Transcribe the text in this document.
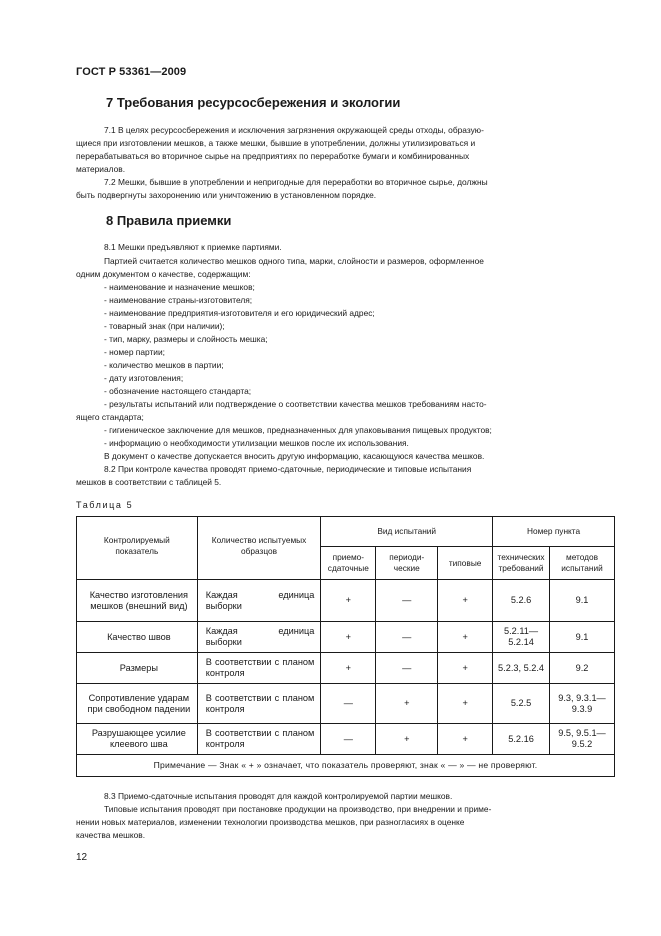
ГОСТ Р 53361—2009
7 Требования ресурсосбережения и экологии
7.1 В целях ресурсосбережения и исключения загрязнения окружающей среды отходы, образую-
щиеся при изготовлении мешков, а также мешки, бывшие в употреблении, должны утилизироваться и
перерабатываться во вторичное сырье на предприятиях по переработке бумаги и комбинированных
материалов.
7.2 Мешки, бывшие в употреблении и непригодные для переработки во вторичное сырье, должны
быть подвергнуты захоронению или уничтожению в установленном порядке.
8 Правила приемки
8.1 Мешки предъявляют к приемке партиями.
Партией считается количество мешков одного типа, марки, слойности и размеров, оформленное
одним документом о качестве, содержащим:
- наименование и назначение мешков;
- наименование страны-изготовителя;
- наименование предприятия-изготовителя и его юридический адрес;
- товарный знак (при наличии);
- тип, марку, размеры и слойность мешка;
- номер партии;
- количество мешков в партии;
- дату изготовления;
- обозначение настоящего стандарта;
- результаты испытаний или подтверждение о соответствии качества мешков требованиям насто-
ящего стандарта;
- гигиеническое заключение для мешков, предназначенных для упаковывания пищевых продуктов;
- информацию о необходимости утилизации мешков после их использования.
В документ о качестве допускается вносить другую информацию, касающуюся качества мешков.
8.2 При контроле качества проводят приемо-сдаточные, периодические и типовые испытания
мешков в соответствии с таблицей 5.
Таблица 5
Контролируемый показатель	Количество испытуемых образцов	Вид испытаний			Номер пункта	
		приемо-сдаточные	периоди-ческие	типовые	технических требований	методов испытаний
Качество изготовления мешков (внешний вид)	Каждая единица выборки	+	—	+	5.2.6	9.1
Качество швов	Каждая единица выборки	+	—	+	5.2.11—5.2.14	9.1
Размеры	В соответствии с планом контроля	+	—	+	5.2.3, 5.2.4	9.2
Сопротивление ударам при свободном падении	В соответствии с планом контроля	—	+	+	5.2.5	9.3, 9.3.1—9.3.9
Разрушающее усилие клеевого шва	В соответствии с планом контроля	—	+	+	5.2.16	9.5, 9.5.1—9.5.2
Примечание — Знак « + » означает, что показатель проверяют, знак « — » — не проверяют.						
8.3 Приемо-сдаточные испытания проводят для каждой контролируемой партии мешков.
Типовые испытания проводят при постановке продукции на производство, при внедрении и приме-
нении новых материалов, изменении технологии производства мешков, при разногласиях в оценке
качества мешков.
12
